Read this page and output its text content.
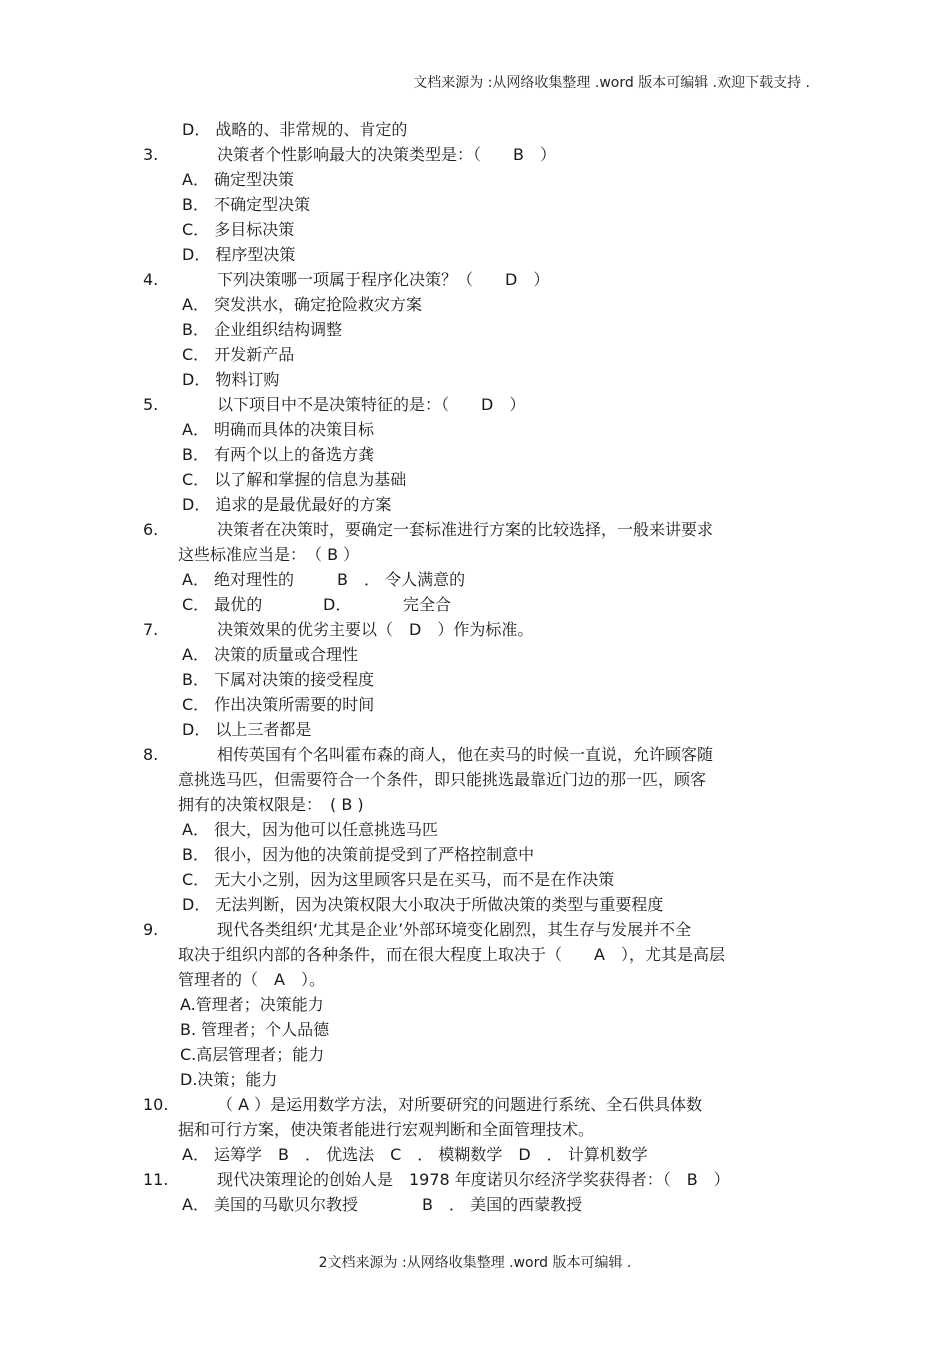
文档来源为 :从网络收集整理 .word 版本可编辑 .欢迎下载支持 .
D． 战略的、非常规的、肯定的
3.	决策者个性影响最大的决策类型是：（　　B　）
A． 确定型决策
B． 不确定型决策
C． 多目标决策
D． 程序型决策
4.	下列决策哪一项属于程序化决策？（　　D　）
A． 突发洪水，确定抢险救灾方案
B． 企业组织结构调整
C． 开发新产品
D． 物料订购
5.	以下项目中不是决策特征的是：（　　D　）
A． 明确而具体的决策目标
B． 有两个以上的备选方龚
C． 以了解和掌握的信息为基础
D． 追求的是最优最好的方案
6.	决策者在决策时，要确定一套标准进行方案的比较选择，一般来讲要求
这些标准应当是：　（ B ）
A． 绝对理性的	B　． 令人满意的
C． 最优的	D．	完全合
7.	决策效果的优劣主要以（　D　）作为标准。
A． 决策的质量或合理性
B． 下属对决策的接受程度
C． 作出决策所需要的时间
D． 以上三者都是
8.	相传英国有个名叫霍布森的商人，他在卖马的时候一直说，允许顾客随
意挑选马匹，但需要符合一个条件，即只能挑选最靠近门边的那一匹，顾客
拥有的决策权限是：　( B )
A． 很大，因为他可以任意挑选马匹
B． 很小，因为他的决策前提受到了严格控制意中
C． 无大小之别，因为这里顾客只是在买马，而不是在作决策
D． 无法判断，因为决策权限大小取决于所做决策的类型与重要程度
9.	现代各类组织‘尤其是企业’外部环境变化剧烈，其生存与发展并不全
取决于组织内部的各种条件，而在很大程度上取决于（　　A　），尤其是高层
管理者的（　A　）。
A.管理者；决策能力
B. 管理者；个人品德
C.高层管理者；能力
D.决策；能力
10.	（ A ）是运用数学方法，对所要研究的问题进行系统、全石供具体数
据和可行方案，使决策者能进行宏观判断和全面管理技术。
A． 运筹学　B　． 优选法　C　． 模糊数学　D　． 计算机数学
11.	现代决策理论的创始人是　1978 年度诺贝尔经济学奖获得者：（　B　）
A． 美国的马歇贝尔教授	B　． 美国的西蒙教授
2文档来源为 :从网络收集整理 .word 版本可编辑 .
